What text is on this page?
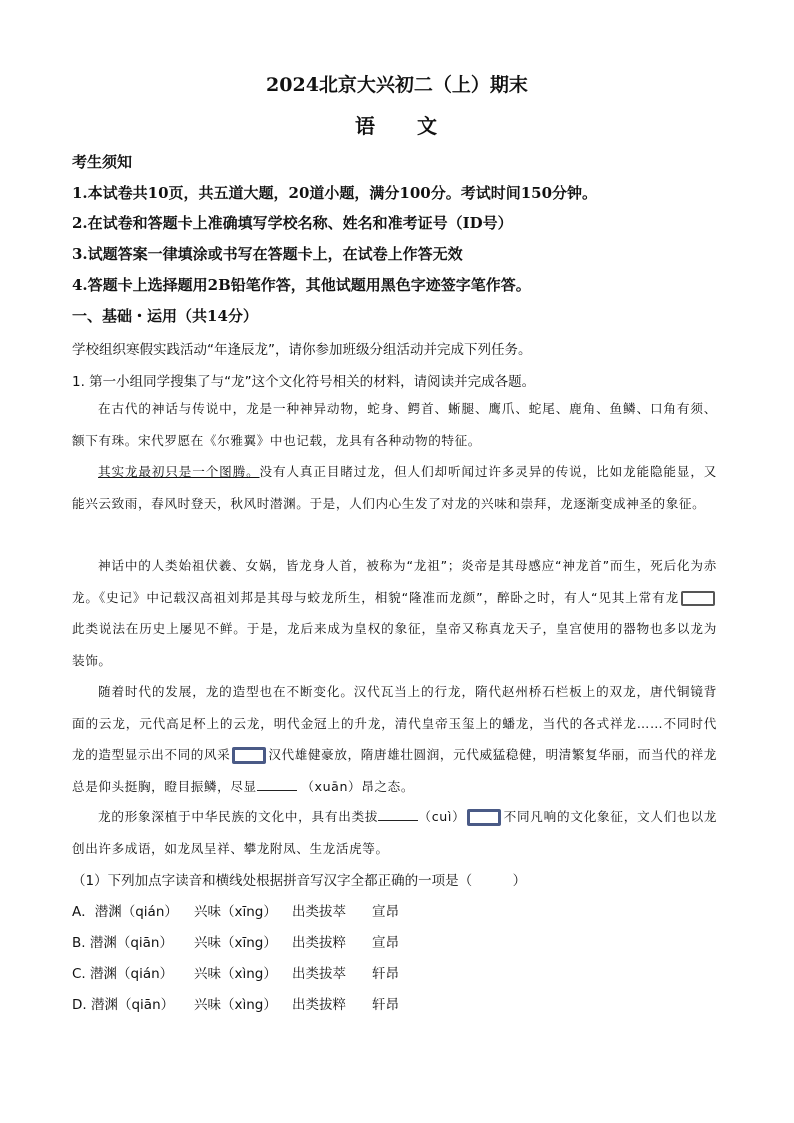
2024北京大兴初二（上）期末
语文
考生须知
1.本试卷共10页，共五道大题，20道小题，满分100分。考试时间150分钟。
2.在试卷和答题卡上准确填写学校名称、姓名和准考证号（ID号）
3.试题答案一律填涂或书写在答题卡上，在试卷上作答无效
4.答题卡上选择题用2B铅笔作答，其他试题用黑色字迹签字笔作答。
一、基础・运用（共14分）
学校组织寒假实践活动“年逢辰龙”，请你参加班级分组活动并完成下列任务。
1. 第一小组同学搜集了与“龙”这个文化符号相关的材料，请阅读并完成各题。
在古代的神话与传说中，龙是一种神异动物，蛇身、鳄首、蜥腿、鹰爪、蛇尾、鹿角、鱼鳞、口角有须、额下有珠。宋代罗愿在《尔雅翼》中也记载，龙具有各种动物的特征。
其实龙最初只是一个图腾。没有人真正目睹过龙，但人们却听闻过许多灵异的传说，比如龙能隐能显，又能兴云致雨，春风时登天，秋风时潜渊。于是，人们内心生发了对龙的兴味和崇拜，龙逐渐变成神圣的象征。
神话中的人类始祖伏羲、女娲，皆龙身人首，被称为“龙祖”；炎帝是其母感应“神龙首”而生，死后化为赤龙。《史记》中记载汉高祖刘邦是其母与蛟龙所生，相貌“隆准而龙颜”，醉卧之时，有人“见其上常有龙此类说法在历史上屡见不鲜。于是，龙后来成为皇权的象征，皇帝又称真龙天子，皇宫使用的器物也多以龙为装饰。
随着时代的发展，龙的造型也在不断变化。汉代瓦当上的行龙，隋代赵州桥石栏板上的双龙，唐代铜镜背面的云龙，元代高足杯上的云龙，明代金冠上的升龙，清代皇帝玉玺上的蟠龙，当代的各式祥龙……不同时代龙的造型显示出不同的风采	汉代雄健豪放，隋唐雄壮圆润，元代威猛稳健，明清繁复华丽，而当代的祥龙总是仰头挺胸，瞪目振鳞，尽显	（xuān）昂之态。
龙的形象深植于中华民族的文化中，具有出类拔	（cuì）	不同凡响的文化象征，文人们也以龙创出许多成语，如龙凤呈祥、攀龙附凤、生龙活虎等。
（1）下列加点字读音和横线处根据拼音写汉字全都正确的一项是（　　　）
A．潜渊（qián） 兴味（xīng） 出类拔萃 宣昂
B. 潜渊（qiān） 兴味（xīng） 出类拔粹 宣昂
C. 潜渊（qián） 兴味（xìng） 出类拔萃 轩昂
D. 潜渊（qiān） 兴味（xìng） 出类拔粹 轩昂
